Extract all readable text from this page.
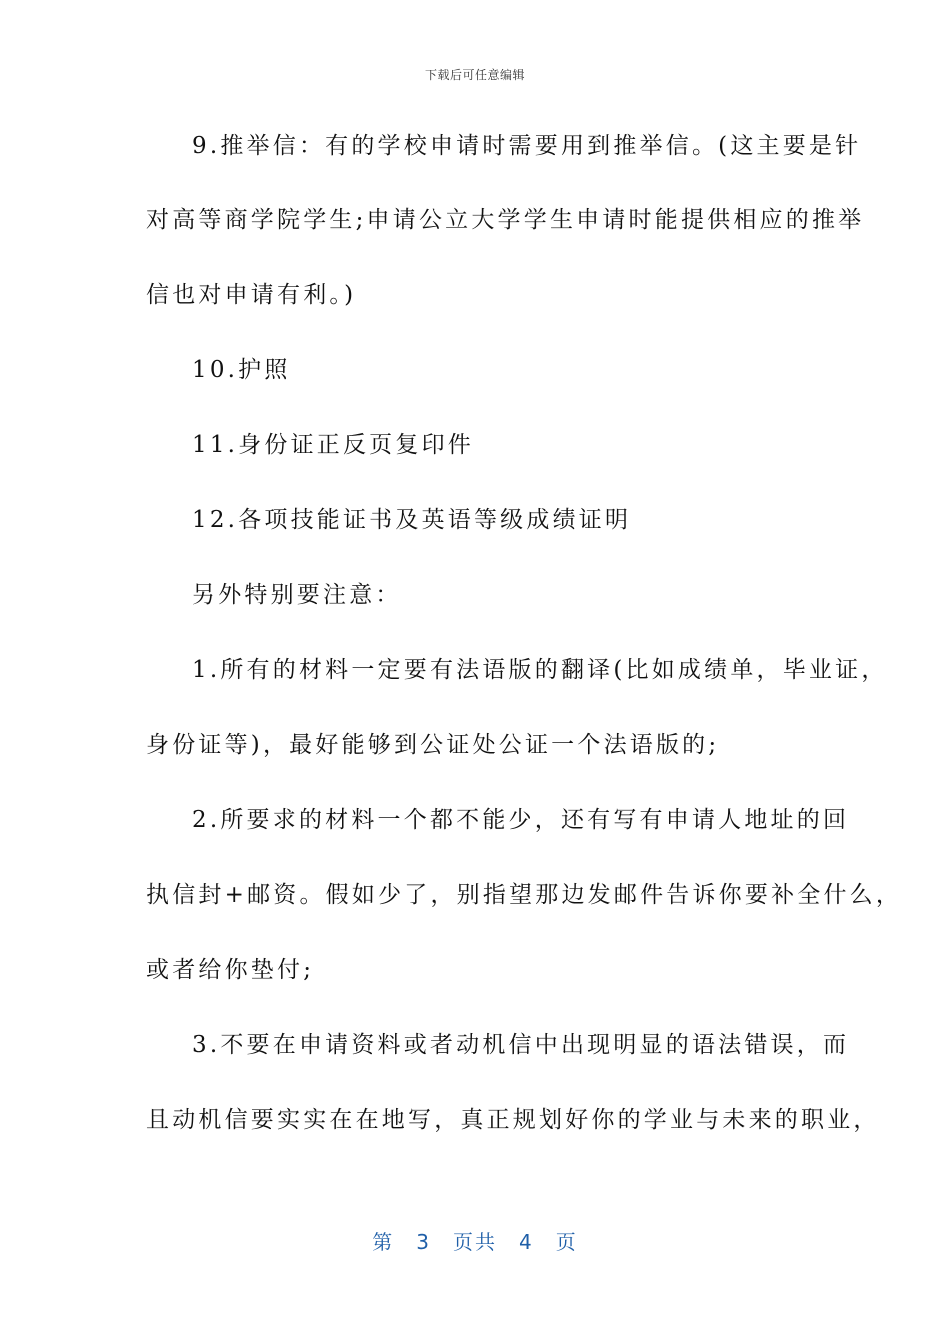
下载后可任意编辑
9.推举信：有的学校申请时需要用到推举信。(这主要是针
对高等商学院学生;申请公立大学学生申请时能提供相应的推举
信也对申请有利。)
10.护照
11.身份证正反页复印件
12.各项技能证书及英语等级成绩证明
另外特别要注意：
1.所有的材料一定要有法语版的翻译(比如成绩单，毕业证，
身份证等)，最好能够到公证处公证一个法语版的;
2.所要求的材料一个都不能少，还有写有申请人地址的回
执信封+邮资。假如少了，别指望那边发邮件告诉你要补全什么，
或者给你垫付;
3.不要在申请资料或者动机信中出现明显的语法错误，而
且动机信要实实在在地写，真正规划好你的学业与未来的职业，
第 3 页共 4 页
